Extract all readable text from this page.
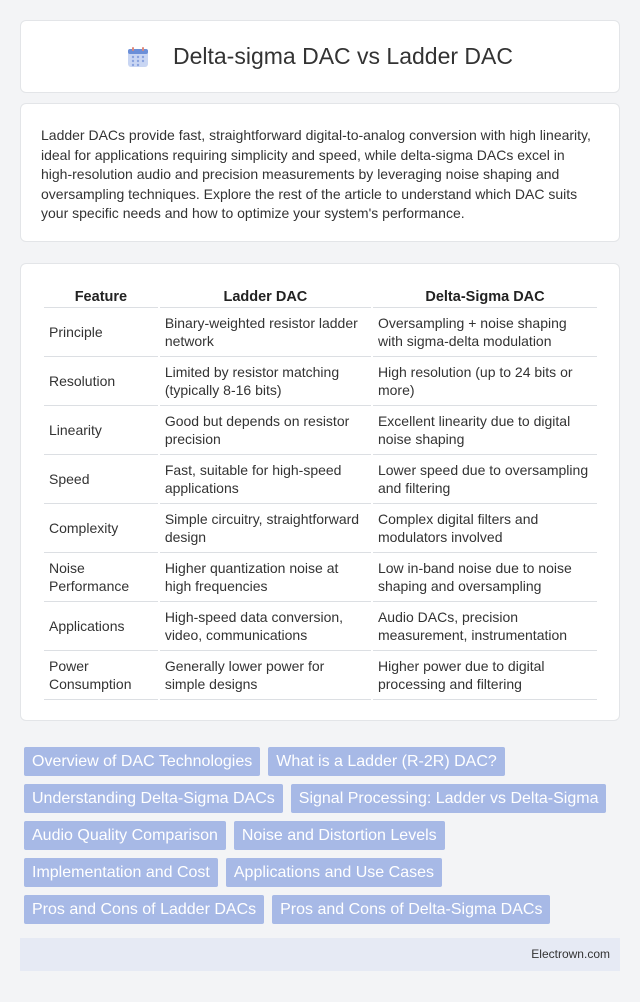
Delta-sigma DAC vs Ladder DAC

Ladder DACs provide fast, straightforward digital-to-analog conversion with high linearity, ideal for applications requiring simplicity and speed, while delta-sigma DACs excel in high-resolution audio and precision measurements by leveraging noise shaping and oversampling techniques. Explore the rest of the article to understand which DAC suits your specific needs and how to optimize your system's performance.

Feature	Ladder DAC	Delta-Sigma DAC
Principle	Binary-weighted resistor ladder network	Oversampling + noise shaping with sigma-delta modulation
Resolution	Limited by resistor matching (typically 8-16 bits)	High resolution (up to 24 bits or more)
Linearity	Good but depends on resistor precision	Excellent linearity due to digital noise shaping
Speed	Fast, suitable for high-speed applications	Lower speed due to oversampling and filtering
Complexity	Simple circuitry, straightforward design	Complex digital filters and modulators involved
Noise Performance	Higher quantization noise at high frequencies	Low in-band noise due to noise shaping and oversampling
Applications	High-speed data conversion, video, communications	Audio DACs, precision measurement, instrumentation
Power Consumption	Generally lower power for simple designs	Higher power due to digital processing and filtering
Overview of DAC Technologies	What is a Ladder (R-2R) DAC?
Understanding Delta-Sigma DACs	Signal Processing: Ladder vs Delta-Sigma
Audio Quality Comparison	Noise and Distortion Levels
Implementation and Cost	Applications and Use Cases
Pros and Cons of Ladder DACs	Pros and Cons of Delta-Sigma DACs
Electrown.com
